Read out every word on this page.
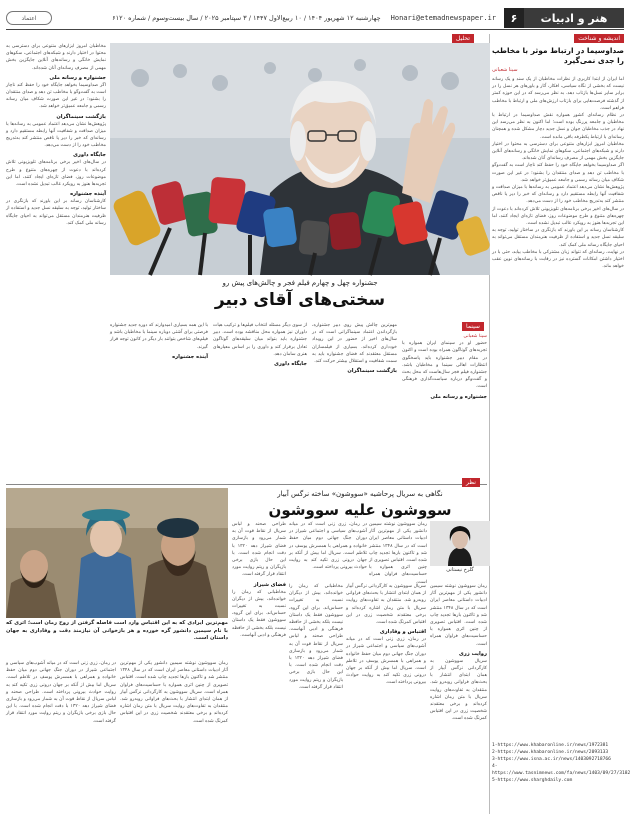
هنر و ادبیات
۶
Honari@etemadnewspaper.ir
چهارشنبه ۱۲ شهریور ۱۴۰۴ / ۱۰ ربیع‌الاول ۱۴۴۷ / ۳ سپتامبر ۲۰۲۵ / سال بیست‌وسوم / شماره ۶۱۲۰
اعتماد
اندیشه و شناخت
صداوسیما در ارتباط موثر با مخاطب را جدی نمی‌گیرد
سینا شعبانی

اما ایران از ابتدا کاربری از نظرات مخاطبان از یک سند و یک رسانه نیست که بخشی از نگاه سیاسی، افکار، آثار و باورهای هر نسل را در برابر سایر نسل‌ها بازتاب دهد. به نظر می‌رسد که در این حوزه کمتر از گذشته فرصت‌هایی برای بازتاب ارزش‌های ملی و ارتباط با مخاطب فراهم است.

در نظام رسانه‌ای کشور همواره نقش صداوسیما در ارتباط با مخاطبان و جامعه پررنگ بوده است؛ اما اکنون به نظر می‌رسد این نهاد در جذب مخاطبان جوان و نسل جدید دچار مشکل شده و همچنان رسانه‌ای با ارتباط یکطرفه باقی مانده است.

مخاطبان امروز ابزارهای متنوعی برای دسترسی به محتوا در اختیار دارند و شبکه‌های اجتماعی، سکوهای نمایش خانگی و رسانه‌های آنلاین جایگزین بخش مهمی از مصرف رسانه‌ای آنان شده‌اند.

اگر صداوسیما بخواهد جایگاه خود را حفظ کند ناچار است به گفت‌وگو با مخاطب تن دهد و صدای منتقدان را بشنود؛ در غیر این صورت شکاف میان رسانه رسمی و جامعه عمیق‌تر خواهد شد.

پژوهش‌ها نشان می‌دهد اعتماد عمومی به رسانه‌ها با میزان صداقت و شفافیت آنها رابطه مستقیم دارد و رسانه‌ای که خبر را دیر یا ناقص منتشر کند به‌تدریج مخاطب خود را از دست می‌دهد.

در سال‌های اخیر برخی برنامه‌های تلویزیونی تلاش کرده‌اند با دعوت از چهره‌های متنوع و طرح موضوعات روز، فضای تازه‌ای ایجاد کنند، اما این تجربه‌ها هنوز به رویکرد غالب تبدیل نشده است.

کارشناسان رسانه بر این باورند که بازنگری در ساختار تولید، توجه به سلیقه نسل جدید و استفاده از ظرفیت هنرمندان مستقل می‌تواند به احیای جایگاه رسانه ملی کمک کند.

در نهایت، رسانه‌ای که نتواند زبان مشترکی با مخاطب بیابد، حتی با در اختیار داشتن امکانات گسترده نیز در رقابت با رسانه‌های نوین عقب خواهد ماند.

تحلیل
جشنواره چهل و چهارم فیلم فجر و چالش‌های پیش رو
سختی‌های آقای دبیر
سینما
سینا شعبانی
حضور او در سینمای ایران همواره با تجربه‌های گوناگون همراه بوده است و اکنون در مقام دبیر جشنواره باید پاسخگوی انتظارات اهالی سینما و مخاطبان باشد. جشنواره فیلم فجر سال‌هاست که محل بحث و گفت‌وگو درباره سیاست‌گذاری فرهنگی است.
جشنواره و رسانه ملی
مهم‌ترین چالش پیش روی دبیر جشنواره، بازگرداندن اعتماد سینماگرانی است که در سال‌های اخیر از حضور در این رویداد خودداری کرده‌اند. بسیاری از فیلمسازان مستقل معتقدند که فضای جشنواره باید به سمت شفافیت و استقلال بیشتر حرکت کند.
بازگشت سینماگران
از سوی دیگر مسئله انتخاب فیلم‌ها و ترکیب هیات داوران نیز همواره محل مناقشه بوده است. دبیر جشنواره باید بتواند میان سلیقه‌های گوناگون تعادل برقرار کند و داوری را بر اساس معیارهای هنری سامان دهد.
جایگاه داوری
با این همه بسیاری امیدوارند که دوره جدید جشنواره فرصتی برای آشتی دوباره سینما با مخاطبان باشد و فیلم‌های شاخص بتوانند بار دیگر در کانون توجه قرار گیرند.
آینده جشنواره
مخاطبان امروز ابزارهای متنوعی برای دسترسی به محتوا در اختیار دارند و شبکه‌های اجتماعی، سکوهای نمایش خانگی و رسانه‌های آنلاین جایگزین بخش مهمی از مصرف رسانه‌ای آنان شده‌اند.
جشنواره و رسانه ملی
اگر صداوسیما بخواهد جایگاه خود را حفظ کند ناچار است به گفت‌وگو با مخاطب تن دهد و صدای منتقدان را بشنود؛ در غیر این صورت شکاف میان رسانه رسمی و جامعه عمیق‌تر خواهد شد.
بازگشت سینماگران
پژوهش‌ها نشان می‌دهد اعتماد عمومی به رسانه‌ها با میزان صداقت و شفافیت آنها رابطه مستقیم دارد و رسانه‌ای که خبر را دیر یا ناقص منتشر کند به‌تدریج مخاطب خود را از دست می‌دهد.
جایگاه داوری
در سال‌های اخیر برخی برنامه‌های تلویزیونی تلاش کرده‌اند با دعوت از چهره‌های متنوع و طرح موضوعات روز، فضای تازه‌ای ایجاد کنند، اما این تجربه‌ها هنوز به رویکرد غالب تبدیل نشده است.
آینده جشنواره
کارشناسان رسانه بر این باورند که بازنگری در ساختار تولید، توجه به سلیقه نسل جدید و استفاده از ظرفیت هنرمندان مستقل می‌تواند به احیای جایگاه رسانه ملی کمک کند.
نظر
نگاهی به سریال پرحاشیه «سووشون» ساخته نرگس آبیار
سووشون علیه سووشون
گلرخ نیستانی
مهم‌ترین ایرادی که به این اقتباس وارد است فاصله گرفتن از روح رمان است؛ اثری که با نام سیمین دانشور گره خورده و هر بازخوانی آن نیازمند دقت و وفاداری به جهان داستان است.
رمان سووشون نوشته سیمین دانشور یکی از مهم‌ترین آثار ادبیات داستانی معاصر ایران است که در سال ۱۳۴۸ منتشر شد و تاکنون بارها تجدید چاپ شده است. اقتباس تصویری از چنین اثری همواره با حساسیت‌های فراوان همراه است.
رمان سووشون نوشته سیمین دانشور یکی از مهم‌ترین آثار ادبیات داستانی معاصر ایران است که در سال ۱۳۴۸ منتشر شد و تاکنون بارها تجدید چاپ شده است. اقتباس تصویری از چنین اثری همواره با حساسیت‌های فراوان همراه است.
روایت زری
سریال سووشون به کارگردانی نرگس آبیار از همان ابتدای انتشار با بحث‌های فراوانی روبه‌رو شد. منتقدان به تفاوت‌های روایت سریال با متن رمان اشاره کرده‌اند و برخی معتقدند شخصیت زری در این اقتباس کمرنگ شده است.
سریال سووشون به کارگردانی نرگس آبیار از همان ابتدای انتشار با بحث‌های فراوانی روبه‌رو شد. منتقدان به تفاوت‌های روایت سریال با متن رمان اشاره کرده‌اند و برخی معتقدند شخصیت زری در این اقتباس کمرنگ شده است.
اقتباس و وفاداری
در رمان، زری زنی است که در میانه آشوب‌های سیاسی و اجتماعی شیراز در دوران جنگ جهانی دوم میان حفظ خانواده و همراهی با همسرش یوسف در تلاطم است. سریال اما بیش از آنکه بر جهان درونی زری تکیه کند به روایت حوادث بیرونی پرداخته است.
در رمان، زری زنی است که در میانه آشوب‌های سیاسی و اجتماعی شیراز در دوران جنگ جهانی دوم میان حفظ خانواده و همراهی با همسرش یوسف در تلاطم است. سریال اما بیش از آنکه بر جهان درونی زری تکیه کند به روایت حوادث بیرونی پرداخته است.
طراحی صحنه و لباس سریال از نقاط قوت آن به شمار می‌رود و بازسازی فضای شیراز دهه ۱۳۲۰ با دقت انجام شده است. با این حال بازی برخی بازیگران و ریتم روایت مورد انتقاد قرار گرفته است.
فضای شیراز
مخاطبانی که رمان را خوانده‌اند، بیش از دیگران نسبت به تغییرات حساس‌اند. برای این گروه، سووشون فقط یک داستان نیست بلکه بخشی از حافظه فرهنگی و ادبی آنهاست.
مخاطبانی که رمان را خوانده‌اند، بیش از دیگران نسبت به تغییرات حساس‌اند. برای این گروه، سووشون فقط یک داستان نیست بلکه بخشی از حافظه فرهنگی و ادبی آنهاست. طراحی صحنه و لباس سریال از نقاط قوت آن به شمار می‌رود و بازسازی فضای شیراز دهه ۱۳۲۰ با دقت انجام شده است. با این حال بازی برخی بازیگران و ریتم روایت مورد انتقاد قرار گرفته است.
در رمان، زری زنی است که در میانه آشوب‌های سیاسی و اجتماعی شیراز در دوران جنگ جهانی دوم میان حفظ خانواده و همراهی با همسرش یوسف در تلاطم است. سریال اما بیش از آنکه بر جهان درونی زری تکیه کند به روایت حوادث بیرونی پرداخته است. طراحی صحنه و لباس سریال از نقاط قوت آن به شمار می‌رود و بازسازی فضای شیراز دهه ۱۳۲۰ با دقت انجام شده است. با این حال بازی برخی بازیگران و ریتم روایت مورد انتقاد قرار گرفته است.
رمان سووشون نوشته سیمین دانشور یکی از مهم‌ترین آثار ادبیات داستانی معاصر ایران است که در سال ۱۳۴۸ منتشر شد و تاکنون بارها تجدید چاپ شده است. اقتباس تصویری از چنین اثری همواره با حساسیت‌های فراوان همراه است. سریال سووشون به کارگردانی نرگس آبیار از همان ابتدای انتشار با بحث‌های فراوانی روبه‌رو شد. منتقدان به تفاوت‌های روایت سریال با متن رمان اشاره کرده‌اند و برخی معتقدند شخصیت زری در این اقتباس کمرنگ شده است.
1-https://www.khabaronline.ir/news/1972381
2-https://www.khabaronline.ir/news/2093133
3-https://www.isna.ac.ir/news/1403092718766
4-https://www.tasnimnews.com/fa/news/1403/09/27/3182
5-https://www.sharghdaily.com
